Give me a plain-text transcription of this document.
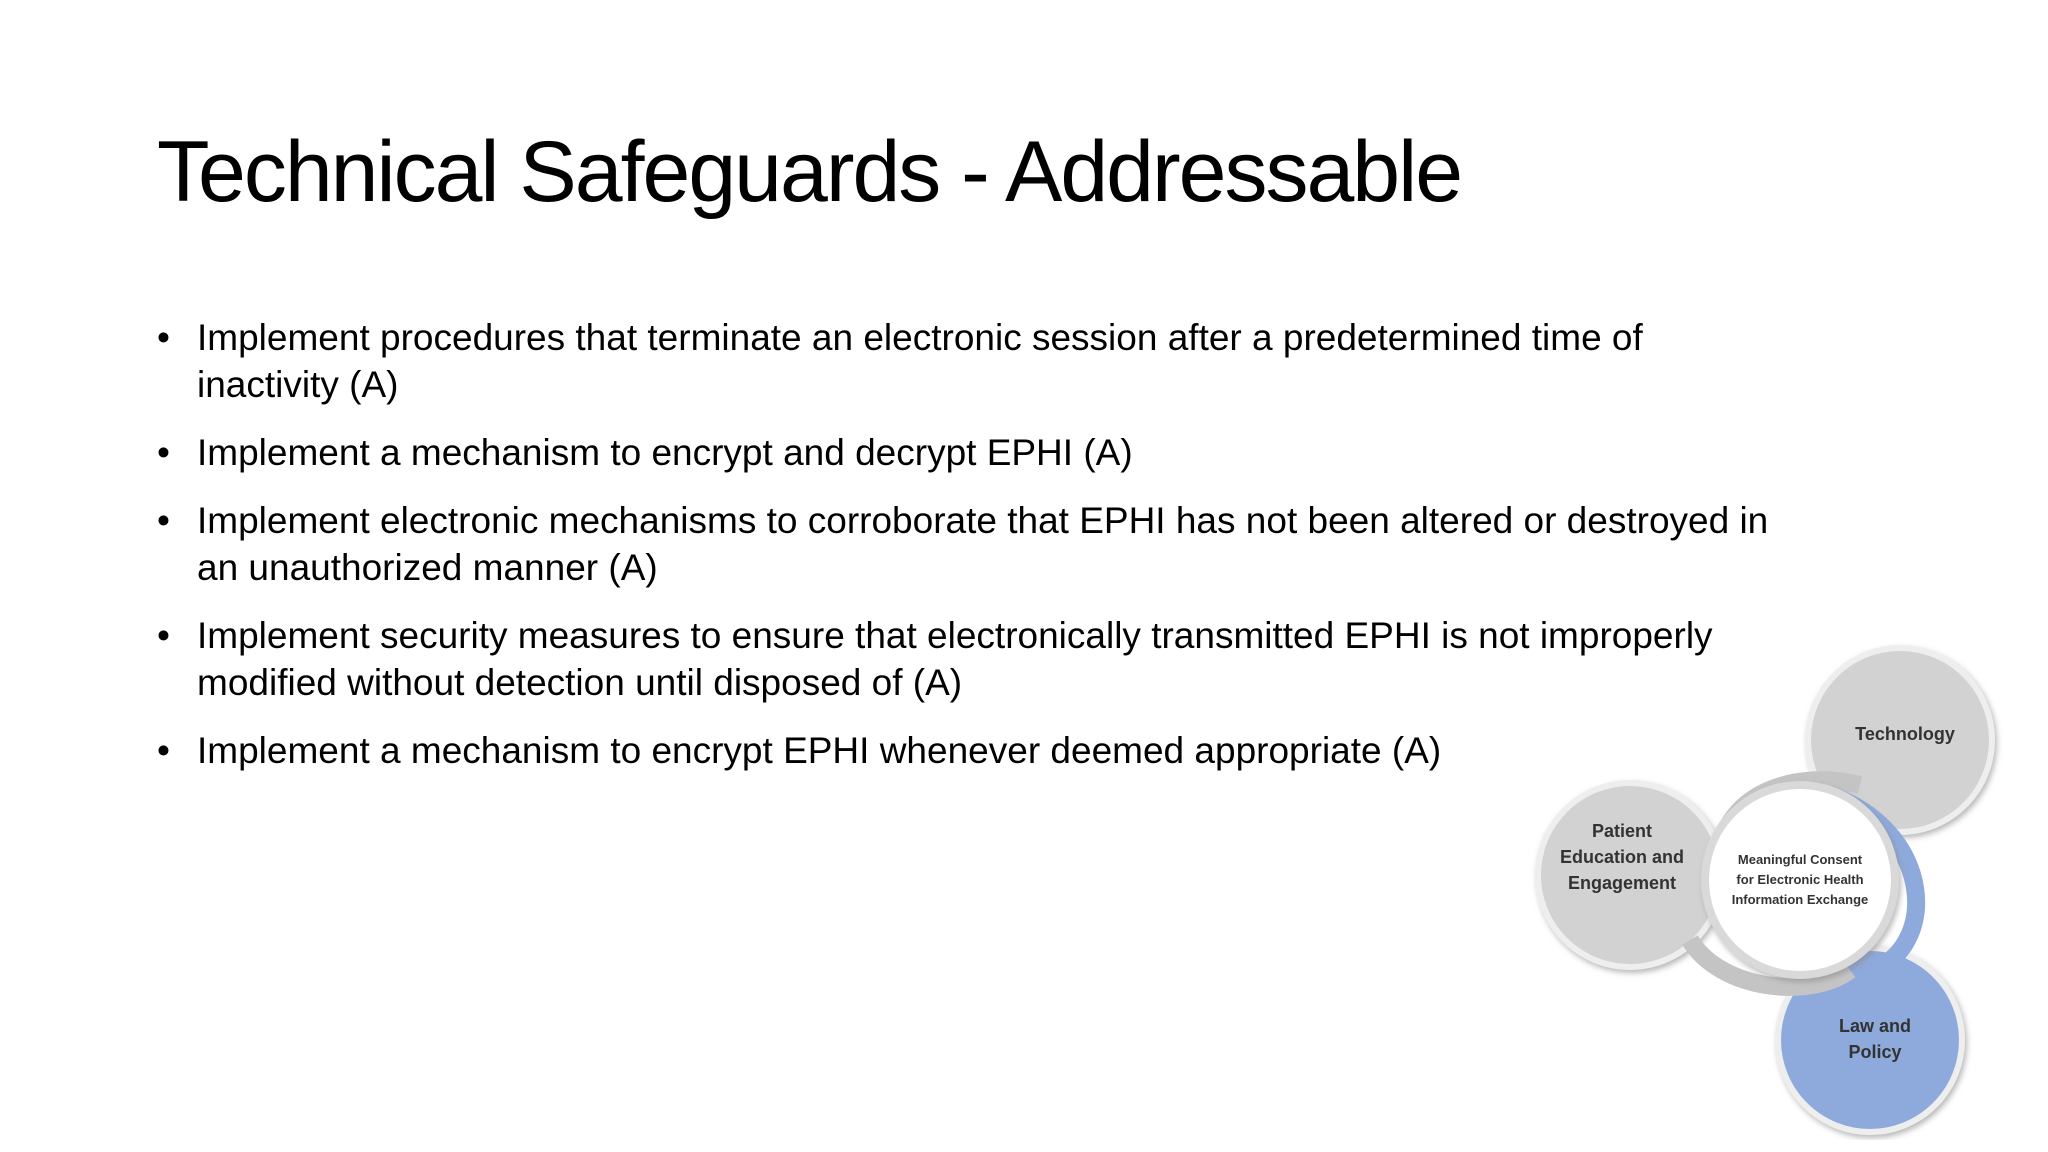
Technical Safeguards - Addressable
• Implement procedures that terminate an electronic session after a predetermined time of
inactivity (A)
• Implement a mechanism to encrypt and decrypt EPHI (A)
• Implement electronic mechanisms to corroborate that EPHI has not been altered or destroyed in
an unauthorized manner (A)
• Implement security measures to ensure that electronically transmitted EPHI is not improperly
modified without detection until disposed of (A)
• Implement a mechanism to encrypt EPHI whenever deemed appropriate (A)	Technology
Patient
Education and
Engagement
Meaningful Consent
for Electronic Health
Information Exchange
Law and
Policy
